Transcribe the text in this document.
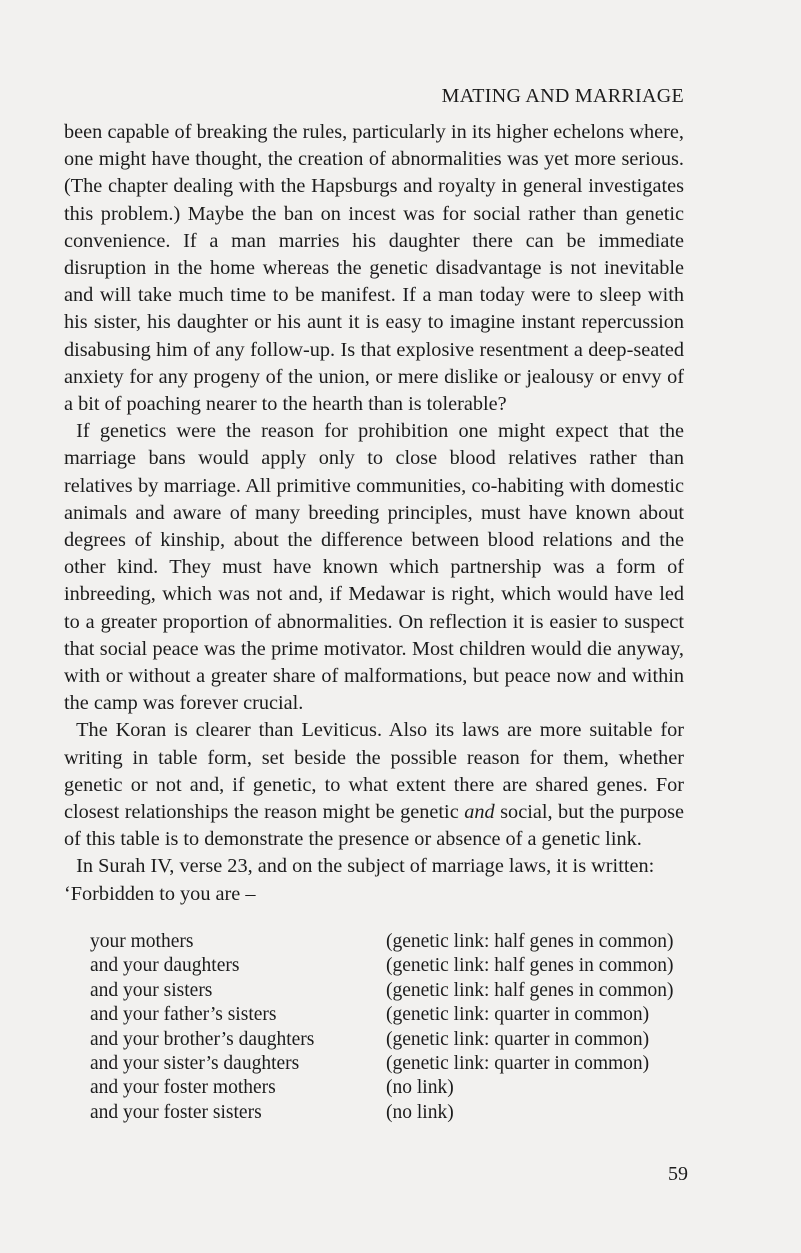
MATING AND MARRIAGE

been capable of breaking the rules, particularly in its higher echelons where, one might have thought, the creation of abnormalities was yet more serious. (The chapter dealing with the Hapsburgs and royalty in general investigates this problem.) Maybe the ban on incest was for social rather than genetic convenience. If a man marries his daughter there can be immediate disruption in the home whereas the genetic disadvantage is not inevitable and will take much time to be manifest. If a man today were to sleep with his sister, his daughter or his aunt it is easy to imagine instant repercussion disabusing him of any follow-up. Is that explosive resentment a deep-seated anxiety for any progeny of the union, or mere dislike or jealousy or envy of a bit of poaching nearer to the hearth than is tolerable?

If genetics were the reason for prohibition one might expect that the marriage bans would apply only to close blood relatives rather than relatives by marriage. All primitive communities, co-habiting with domestic animals and aware of many breeding principles, must have known about degrees of kinship, about the difference between blood relations and the other kind. They must have known which partnership was a form of inbreeding, which was not and, if Medawar is right, which would have led to a greater proportion of abnormalities. On reflection it is easier to suspect that social peace was the prime motivator. Most children would die anyway, with or without a greater share of malformations, but peace now and within the camp was forever crucial.

The Koran is clearer than Leviticus. Also its laws are more suitable for writing in table form, set beside the possible reason for them, whether genetic or not and, if genetic, to what extent there are shared genes. For closest relationships the reason might be genetic and social, but the purpose of this table is to demonstrate the presence or absence of a genetic link.

In Surah IV, verse 23, and on the subject of marriage laws, it is written:

‘Forbidden to you are –

your mothers	(genetic link: half genes in common)
and your daughters	(genetic link: half genes in common)
and your sisters	(genetic link: half genes in common)
and your father’s sisters	(genetic link: quarter in common)
and your brother’s daughters	(genetic link: quarter in common)
and your sister’s daughters	(genetic link: quarter in common)
and your foster mothers	(no link)
and your foster sisters	(no link)
59
